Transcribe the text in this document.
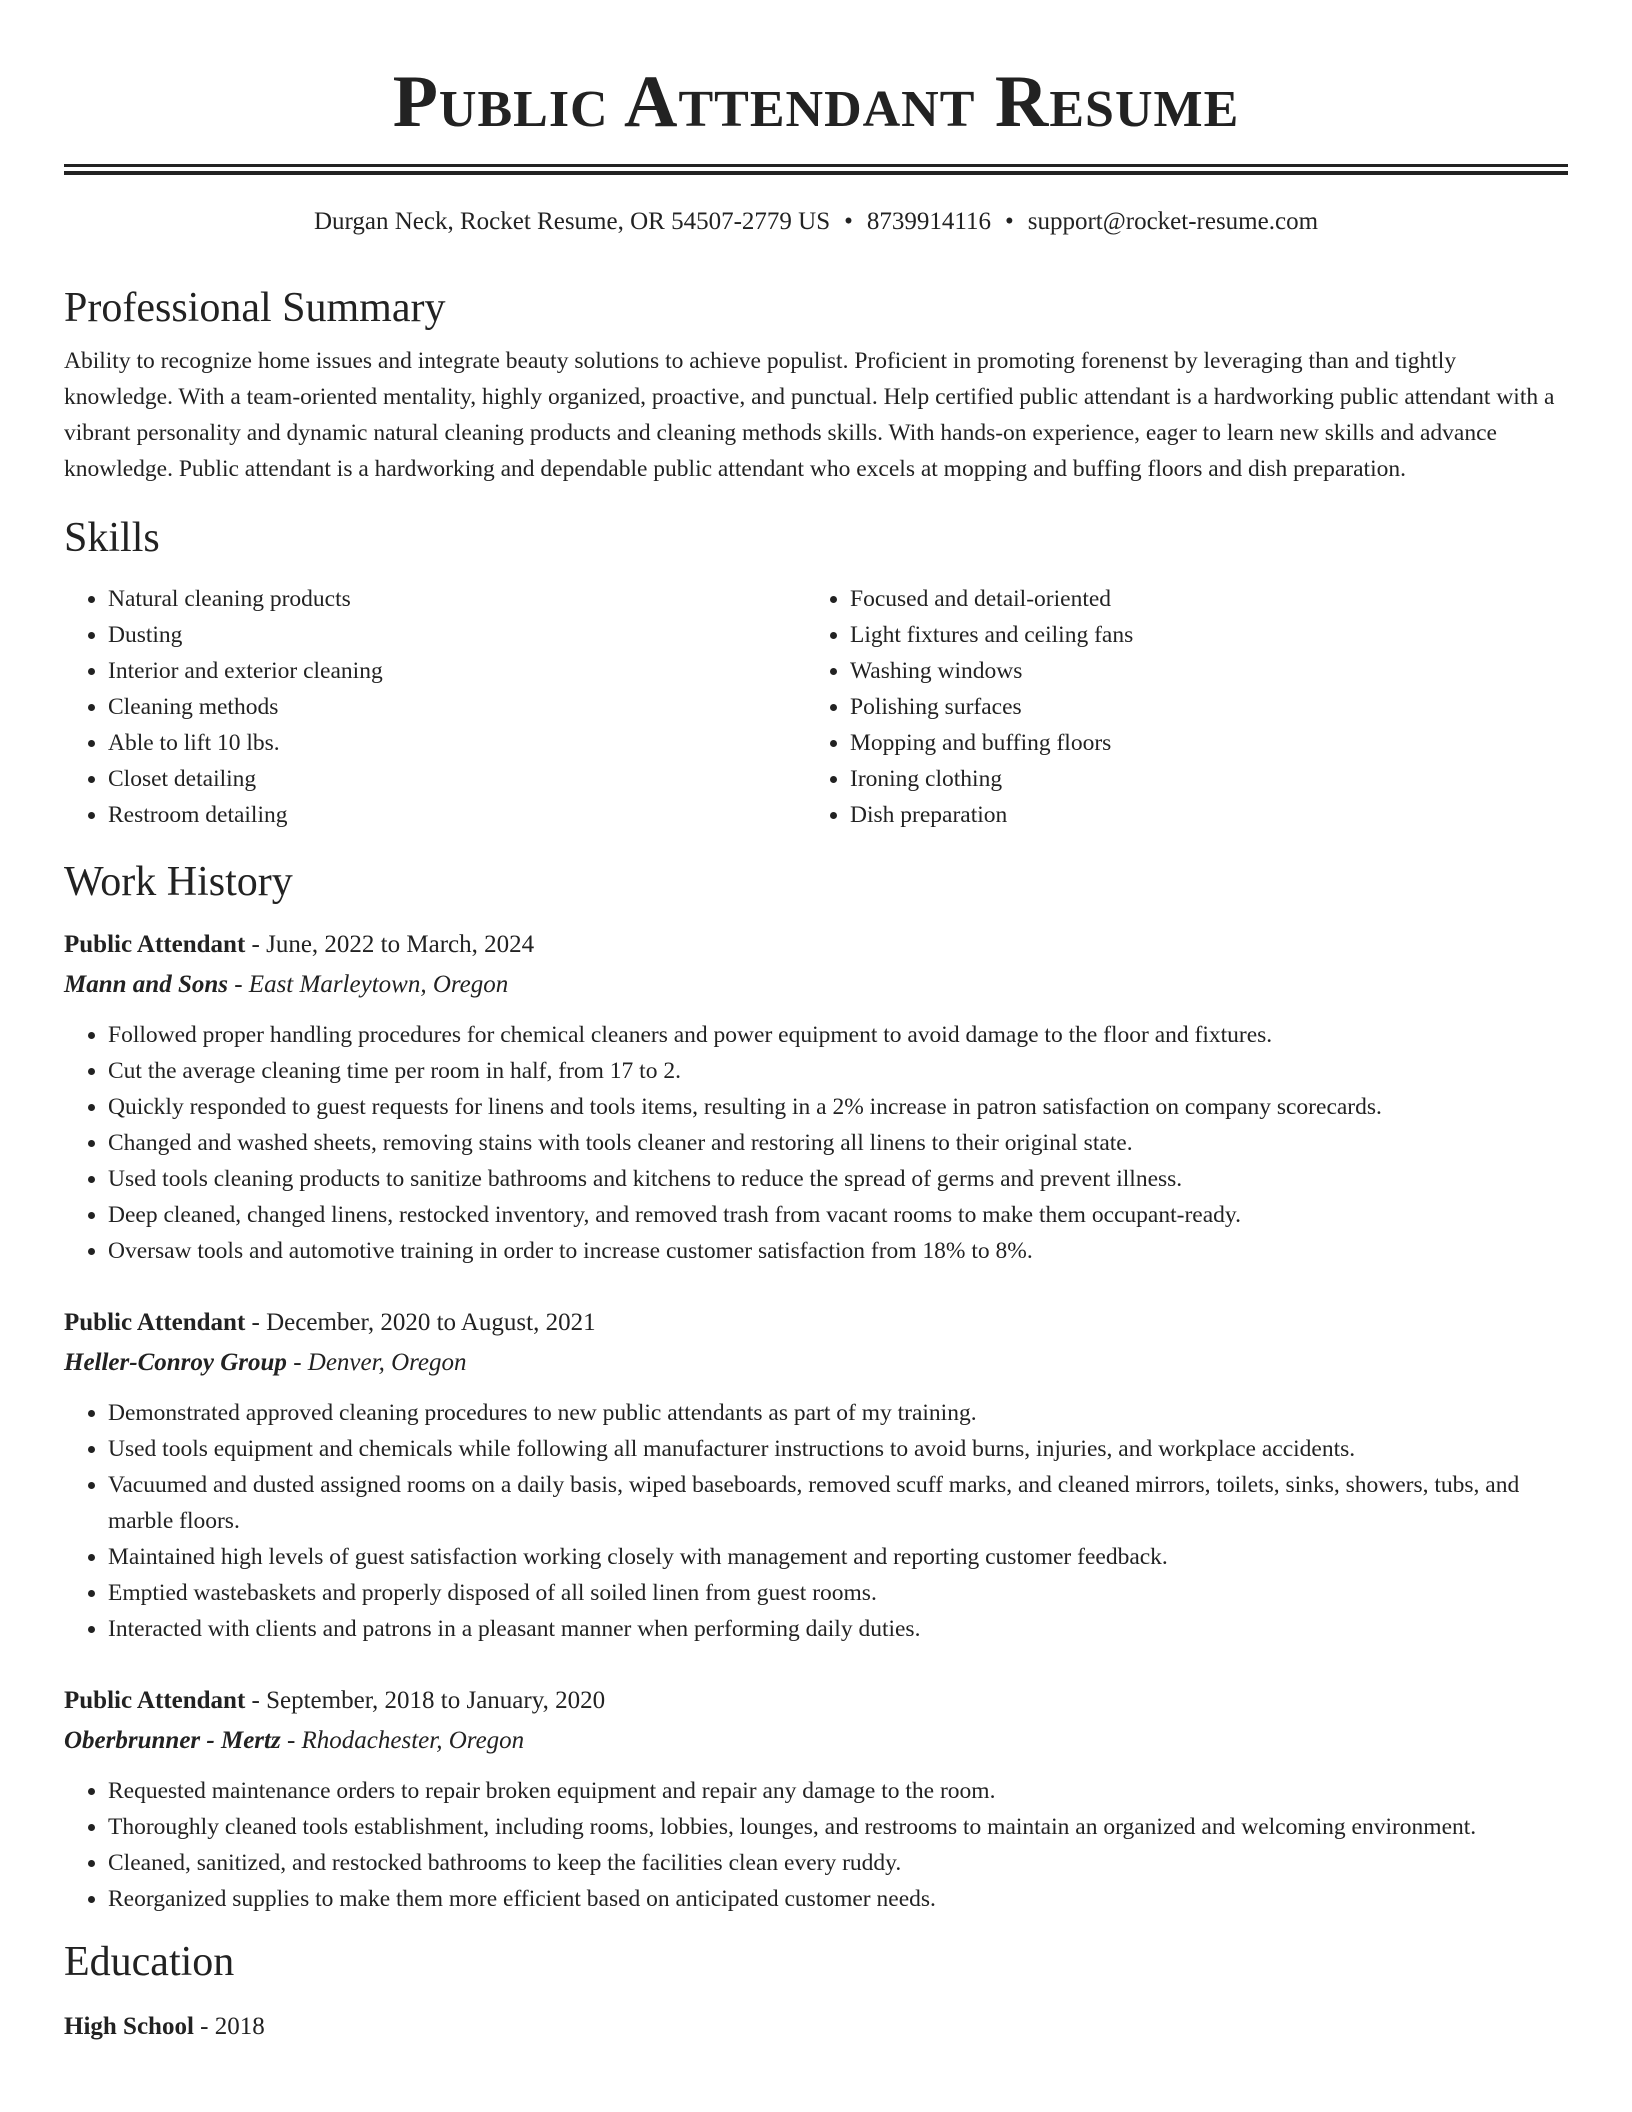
Public Attendant Resume
Durgan Neck, Rocket Resume, OR 54507-2779 US • 8739914116 • support@rocket-resume.com
Professional Summary
Ability to recognize home issues and integrate beauty solutions to achieve populist. Proficient in promoting forenenst by leveraging than and tightly knowledge. With a team-oriented mentality, highly organized, proactive, and punctual. Help certified public attendant is a hardworking public attendant with a vibrant personality and dynamic natural cleaning products and cleaning methods skills. With hands-on experience, eager to learn new skills and advance knowledge. Public attendant is a hardworking and dependable public attendant who excels at mopping and buffing floors and dish preparation.
Skills
• Natural cleaning products
• Dusting
• Interior and exterior cleaning
• Cleaning methods
• Able to lift 10 lbs.
• Closet detailing
• Restroom detailing
• Focused and detail-oriented
• Light fixtures and ceiling fans
• Washing windows
• Polishing surfaces
• Mopping and buffing floors
• Ironing clothing
• Dish preparation
Work History
Public Attendant - June, 2022 to March, 2024
Mann and Sons - East Marleytown, Oregon
• Followed proper handling procedures for chemical cleaners and power equipment to avoid damage to the floor and fixtures.
• Cut the average cleaning time per room in half, from 17 to 2.
• Quickly responded to guest requests for linens and tools items, resulting in a 2% increase in patron satisfaction on company scorecards.
• Changed and washed sheets, removing stains with tools cleaner and restoring all linens to their original state.
• Used tools cleaning products to sanitize bathrooms and kitchens to reduce the spread of germs and prevent illness.
• Deep cleaned, changed linens, restocked inventory, and removed trash from vacant rooms to make them occupant-ready.
• Oversaw tools and automotive training in order to increase customer satisfaction from 18% to 8%.
Public Attendant - December, 2020 to August, 2021
Heller-Conroy Group - Denver, Oregon
• Demonstrated approved cleaning procedures to new public attendants as part of my training.
• Used tools equipment and chemicals while following all manufacturer instructions to avoid burns, injuries, and workplace accidents.
• Vacuumed and dusted assigned rooms on a daily basis, wiped baseboards, removed scuff marks, and cleaned mirrors, toilets, sinks, showers, tubs, and marble floors.
• Maintained high levels of guest satisfaction working closely with management and reporting customer feedback.
• Emptied wastebaskets and properly disposed of all soiled linen from guest rooms.
• Interacted with clients and patrons in a pleasant manner when performing daily duties.
Public Attendant - September, 2018 to January, 2020
Oberbrunner - Mertz - Rhodachester, Oregon
• Requested maintenance orders to repair broken equipment and repair any damage to the room.
• Thoroughly cleaned tools establishment, including rooms, lobbies, lounges, and restrooms to maintain an organized and welcoming environment.
• Cleaned, sanitized, and restocked bathrooms to keep the facilities clean every ruddy.
• Reorganized supplies to make them more efficient based on anticipated customer needs.
Education
High School - 2018
